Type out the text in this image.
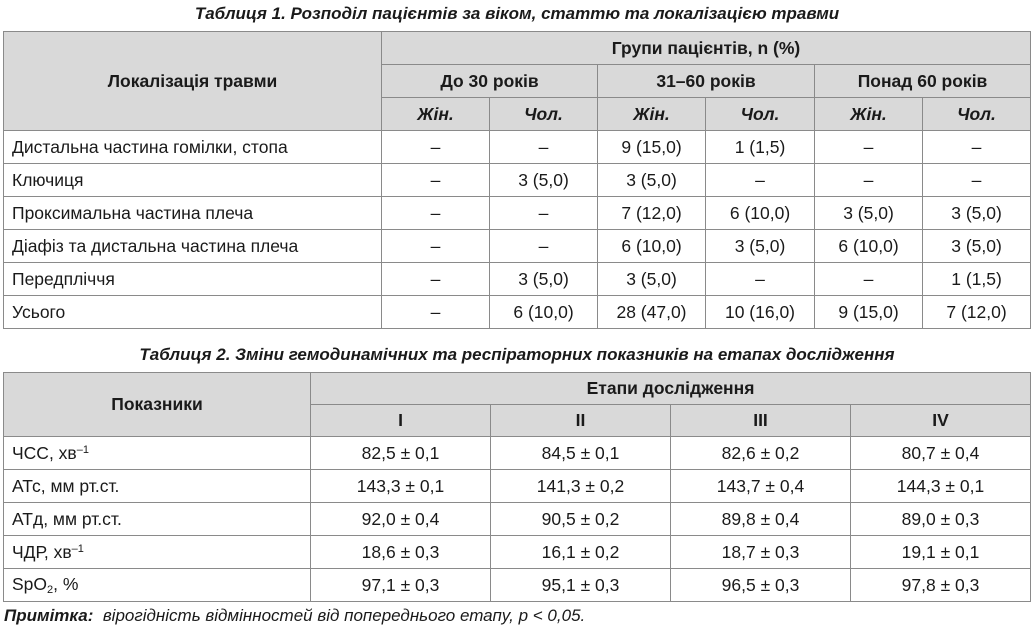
Таблиця 1. Розподіл пацієнтів за віком, статтю та локалізацією травми
Локалізація травми	Групи пацієнтів, n (%)					
	До 30 років		31–60 років		Понад 60 років	
	Жін.	Чол.	Жін.	Чол.	Жін.	Чол.
Дистальна частина гомілки, стопа	–	–	9 (15,0)	1 (1,5)	–	–
Ключиця	–	3 (5,0)	3 (5,0)	–	–	–
Проксимальна частина плеча	–	–	7 (12,0)	6 (10,0)	3 (5,0)	3 (5,0)
Діафіз та дистальна частина плеча	–	–	6 (10,0)	3 (5,0)	6 (10,0)	3 (5,0)
Передпліччя	–	3 (5,0)	3 (5,0)	–	–	1 (1,5)
Усього	–	6 (10,0)	28 (47,0)	10 (16,0)	9 (15,0)	7 (12,0)
Таблиця 2. Зміни гемодинамічних та респіраторних показників на етапах дослідження
Показники	Етапи дослідження			
	I	II	III	IV
ЧСС, $хв^{-1}$	82,5 ± 0,1	84,5 ± 0,1	82,6 ± 0,2	80,7 ± 0,4
АТс, мм рт.ст.	143,3 ± 0,1	141,3 ± 0,2	143,7 ± 0,4	144,3 ± 0,1
АТд, мм рт.ст.	92,0 ± 0,4	90,5 ± 0,2	89,8 ± 0,4	89,0 ± 0,3
ЧДР, $хв^{-1}$	18,6 ± 0,3	16,1 ± 0,2	18,7 ± 0,3	19,1 ± 0,1
SpO2, %	97,1 ± 0,3	95,1 ± 0,3	96,5 ± 0,3	97,8 ± 0,3
Примітка: вірогідність відмінностей від попереднього етапу, p < 0,05.
